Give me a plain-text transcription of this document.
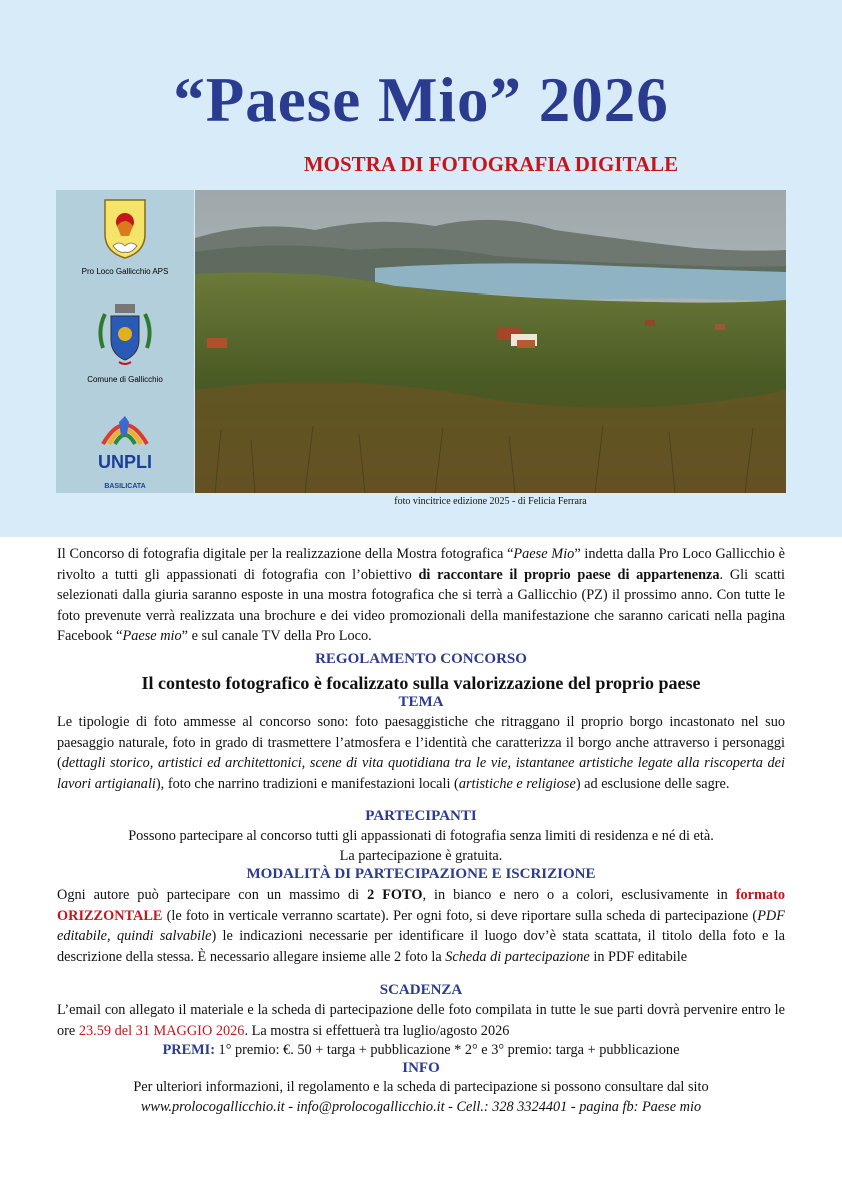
“Paese Mio” 2026
MOSTRA DI FOTOGRAFIA DIGITALE
Pro Loco Gallicchio APS
Comune di Gallicchio
UNPLI
BASILICATA
foto vincitrice edizione 2025 - di Felicia Ferrara
Il Concorso di fotografia digitale per la realizzazione della Mostra fotografica “Paese Mio” indetta dalla Pro Loco Gallicchio è rivolto a tutti gli appassionati di fotografia con l’obiettivo di raccontare il proprio paese di appartenenza. Gli scatti selezionati dalla giuria saranno esposte in una mostra fotografica che si terrà a Gallicchio (PZ) il prossimo anno. Con tutte le foto prevenute verrà realizzata una brochure e dei video promozionali della manifestazione che saranno caricati nella pagina Facebook “Paese mio” e sul canale TV della Pro Loco.
REGOLAMENTO CONCORSO
Il contesto fotografico è focalizzato sulla valorizzazione del proprio paese
TEMA
Le tipologie di foto ammesse al concorso sono: foto paesaggistiche che ritraggano il proprio borgo incastonato nel suo paesaggio naturale, foto in grado di trasmettere l’atmosfera e l’identità che caratterizza il borgo anche attraverso i personaggi (dettagli storico, artistici ed architettonici, scene di vita quotidiana tra le vie, istantanee artistiche legate alla riscoperta dei lavori artigianali), foto che narrino tradizioni e manifestazioni locali (artistiche e religiose) ad esclusione delle sagre.
PARTECIPANTI
Possono partecipare al concorso tutti gli appassionati di fotografia senza limiti di residenza e né di età.
La partecipazione è gratuita.
MODALITÀ DI PARTECIPAZIONE E ISCRIZIONE
Ogni autore può partecipare con un massimo di 2 FOTO, in bianco e nero o a colori, esclusivamente in formato ORIZZONTALE (le foto in verticale verranno scartate). Per ogni foto, si deve riportare sulla scheda di partecipazione (PDF editabile, quindi salvabile) le indicazioni necessarie per identificare il luogo dov’è stata scattata, il titolo della foto e la descrizione della stessa. È necessario allegare insieme alle 2 foto la Scheda di partecipazione in PDF editabile
SCADENZA
L’email con allegato il materiale e la scheda di partecipazione delle foto compilata in tutte le sue parti dovrà pervenire entro le ore 23.59 del 31 MAGGIO 2026. La mostra si effettuerà tra luglio/agosto 2026
PREMI: 1° premio: €. 50 + targa + pubblicazione * 2° e 3° premio: targa + pubblicazione
INFO
Per ulteriori informazioni, il regolamento e la scheda di partecipazione si possono consultare dal sito
www.prolocogallicchio.it - info@prolocogallicchio.it - Cell.: 328 3324401 - pagina fb: Paese mio
